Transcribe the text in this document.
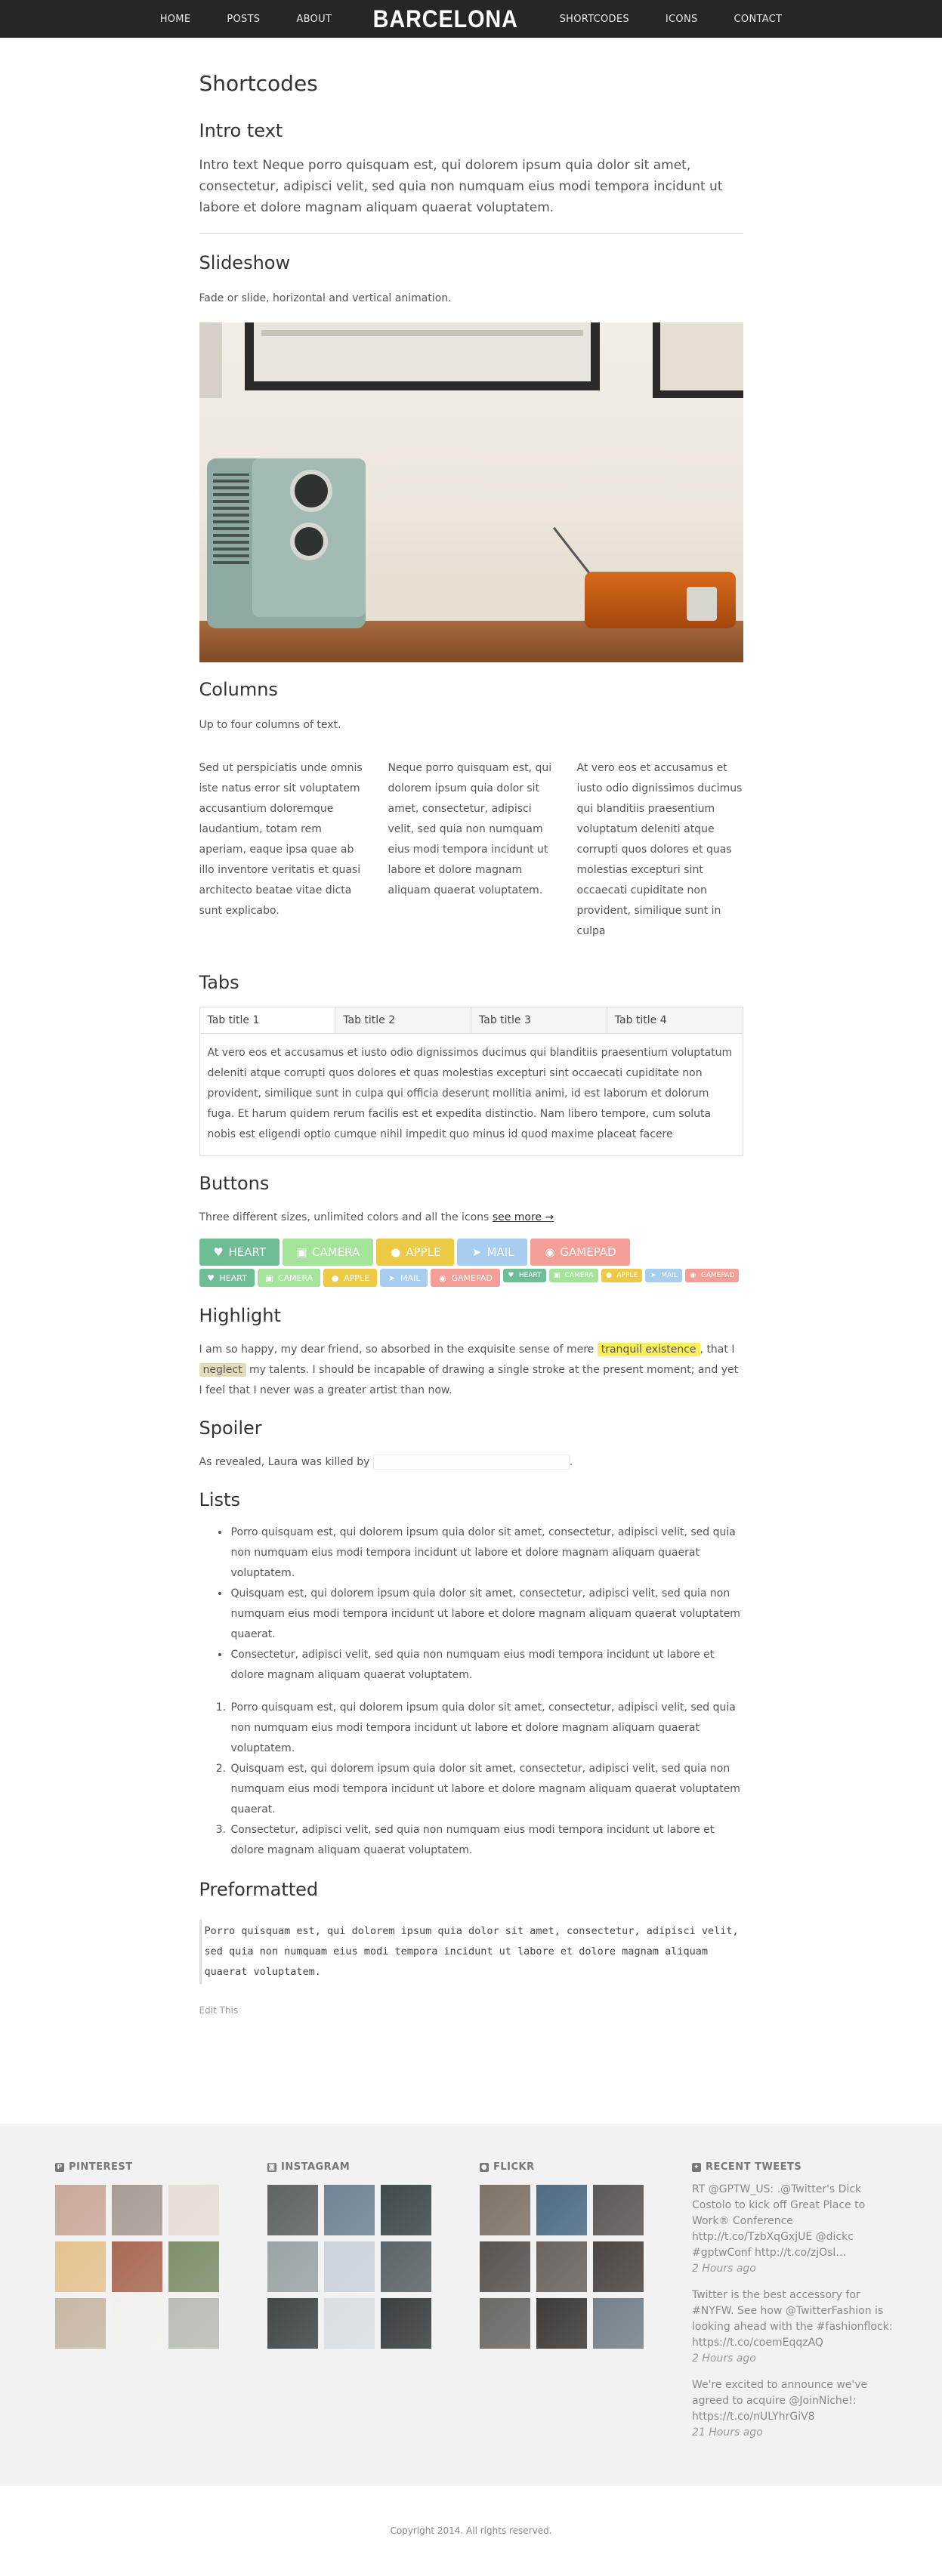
HOME	POSTS	ABOUT BARCELONA	SHORTCODES	ICONS	CONTACT
Shortcodes
Intro text

Intro text Neque porro quisquam est, qui dolorem ipsum quia dolor sit amet, consectetur, adipisci velit, sed quia non numquam eius modi tempora incidunt ut labore et dolore magnam aliquam quaerat voluptatem.

Slideshow

Fade or slide, horizontal and vertical animation.

Columns

Up to four columns of text.

Sed ut perspiciatis unde omnis iste natus error sit voluptatem accusantium doloremque laudantium, totam rem aperiam, eaque ipsa quae ab illo inventore veritatis et quasi architecto beatae vitae dicta sunt explicabo.

Neque porro quisquam est, qui dolorem ipsum quia dolor sit amet, consectetur, adipisci velit, sed quia non numquam eius modi tempora incidunt ut labore et dolore magnam aliquam quaerat voluptatem.

At vero eos et accusamus et iusto odio dignissimos ducimus qui blanditiis praesentium voluptatum deleniti atque corrupti quos dolores et quas molestias excepturi sint occaecati cupiditate non provident, similique sunt in culpa

Tabs
Tab title 1	Tab title 2	Tab title 3	Tab title 4
At vero eos et accusamus et iusto odio dignissimos ducimus qui blanditiis praesentium voluptatum deleniti atque corrupti quos dolores et quas molestias excepturi sint occaecati cupiditate non provident, similique sunt in culpa qui officia deserunt mollitia animi, id est laborum et dolorum fuga. Et harum quidem rerum facilis est et expedita distinctio. Nam libero tempore, cum soluta nobis est eligendi optio cumque nihil impedit quo minus id quod maxime placeat facere
Buttons

Three different sizes, unlimited colors and all the icons see more →

♥ HEART	▣ CAMERA	● APPLE	➤ MAIL	◉ GAMEPAD
♥ HEART ▣ CAMERA ● APPLE ➤ MAIL ◉ GAMEPAD ♥ HEART ▣ CAMERA ● APPLE ➤ MAIL ◉ GAMEPAD
Highlight

I am so happy, my dear friend, so absorbed in the exquisite sense of mere tranquil existence , that I neglect my talents. I should be incapable of drawing a single stroke at the present moment; and yet I feel that I never was a greater artist than now.

Spoiler

As revealed, Laura was killed by	.

Lists
• Porro quisquam est, qui dolorem ipsum quia dolor sit amet, consectetur, adipisci velit, sed quia non numquam eius modi tempora incidunt ut labore et dolore magnam aliquam quaerat voluptatem.
• Quisquam est, qui dolorem ipsum quia dolor sit amet, consectetur, adipisci velit, sed quia non numquam eius modi tempora incidunt ut labore et dolore magnam aliquam quaerat voluptatem quaerat.
• Consectetur, adipisci velit, sed quia non numquam eius modi tempora incidunt ut labore et dolore magnam aliquam quaerat voluptatem.
1. Porro quisquam est, qui dolorem ipsum quia dolor sit amet, consectetur, adipisci velit, sed quia non numquam eius modi tempora incidunt ut labore et dolore magnam aliquam quaerat voluptatem.
2. Quisquam est, qui dolorem ipsum quia dolor sit amet, consectetur, adipisci velit, sed quia non numquam eius modi tempora incidunt ut labore et dolore magnam aliquam quaerat voluptatem quaerat.
3. Consectetur, adipisci velit, sed quia non numquam eius modi tempora incidunt ut labore et dolore magnam aliquam quaerat voluptatem.
Preformatted
Porro quisquam est, qui dolorem ipsum quia dolor sit amet, consectetur, adipisci velit, sed quia non numquam eius modi tempora incidunt ut labore et dolore magnam aliquam quaerat voluptatem.
Edit This
P PINTEREST	◙ INSTAGRAM	● FLICKR	✦ RECENT TWEETS
RT @GPTW_US: .@Twitter's Dick Costolo to kick off Great Place to Work® Conference http://t.co/TzbXqGxjUE @dickc #gptwConf http://t.co/zjOsl…
2 Hours ago
Twitter is the best accessory for #NYFW. See how @TwitterFashion is looking ahead with the #fashionflock: https://t.co/coemEqqzAQ
2 Hours ago
We're excited to announce we've agreed to acquire @JoinNiche!: https://t.co/nULYhrGiV8
21 Hours ago
Copyright 2014. All rights reserved.
